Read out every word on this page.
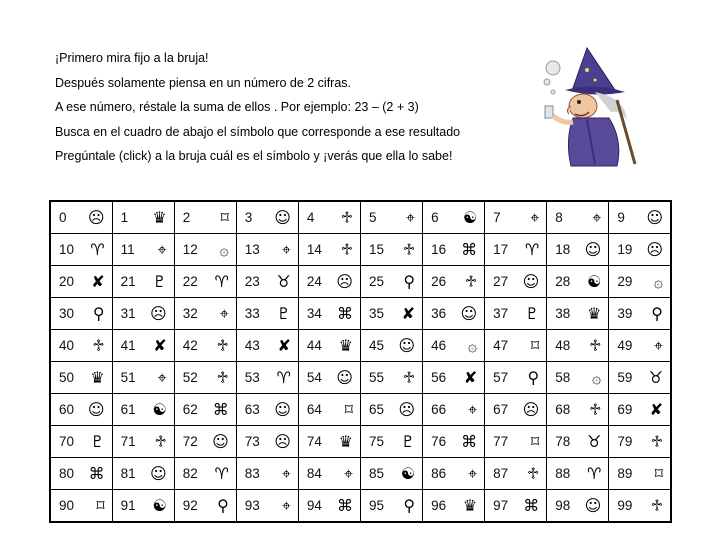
¡Primero mira fijo a la bruja!
Después solamente piensa en un número de 2 cifras.
A ese número, réstale la suma de ellos . Por ejemplo: 23 – (2 + 3)
Busca en el cuadro de abajo el símbolo que corresponde a ese resultado
Pregúntale (click) a la bruja cuál es el símbolo y ¡verás que ella lo sabe!
0 ☹	1 ♛	2 ⌑	3 ☺	4 ♱	5 ⌖	6 ☯	7 ⌖	8 ⌖	9 ☺

10 ♈	11 ⌖	12 ۞	13 ⌖	14 ♱	15 ♱	16 ⌘	17 ♈	18 ☺	19 ☹

20 ✘	21 ♇	22 ♈	23 ♉	24 ☹	25 ⚲	26 ♱	27 ☺	28 ☯	29 ۞

30 ⚲	31 ☹	32 ⌖	33 ♇	34 ⌘	35 ✘	36 ☺	37 ♇	38 ♛	39 ⚲

40 ♱	41 ✘	42 ♱	43 ✘	44 ♛	45 ☺	46 ۞	47 ⌑	48 ♱	49 ⌖

50 ♛	51 ⌖	52 ♱	53 ♈	54 ☺	55 ♱	56 ✘	57 ⚲	58 ۞	59 ♉

60 ☺	61 ☯	62 ⌘	63 ☺	64 ⌑	65 ☹	66 ⌖	67 ☹	68 ♱	69 ✘

70 ♇	71 ♱	72 ☺	73 ☹	74 ♛	75 ♇	76 ⌘	77 ⌑	78 ♉	79 ♱

80 ⌘	81 ☺	82 ♈	83 ⌖	84 ⌖	85 ☯	86 ⌖	87 ♱	88 ♈	89 ⌑

90 ⌑	91 ☯	92 ⚲	93 ⌖	94 ⌘	95 ⚲	96 ♛	97 ⌘	98 ☺	99 ♱
